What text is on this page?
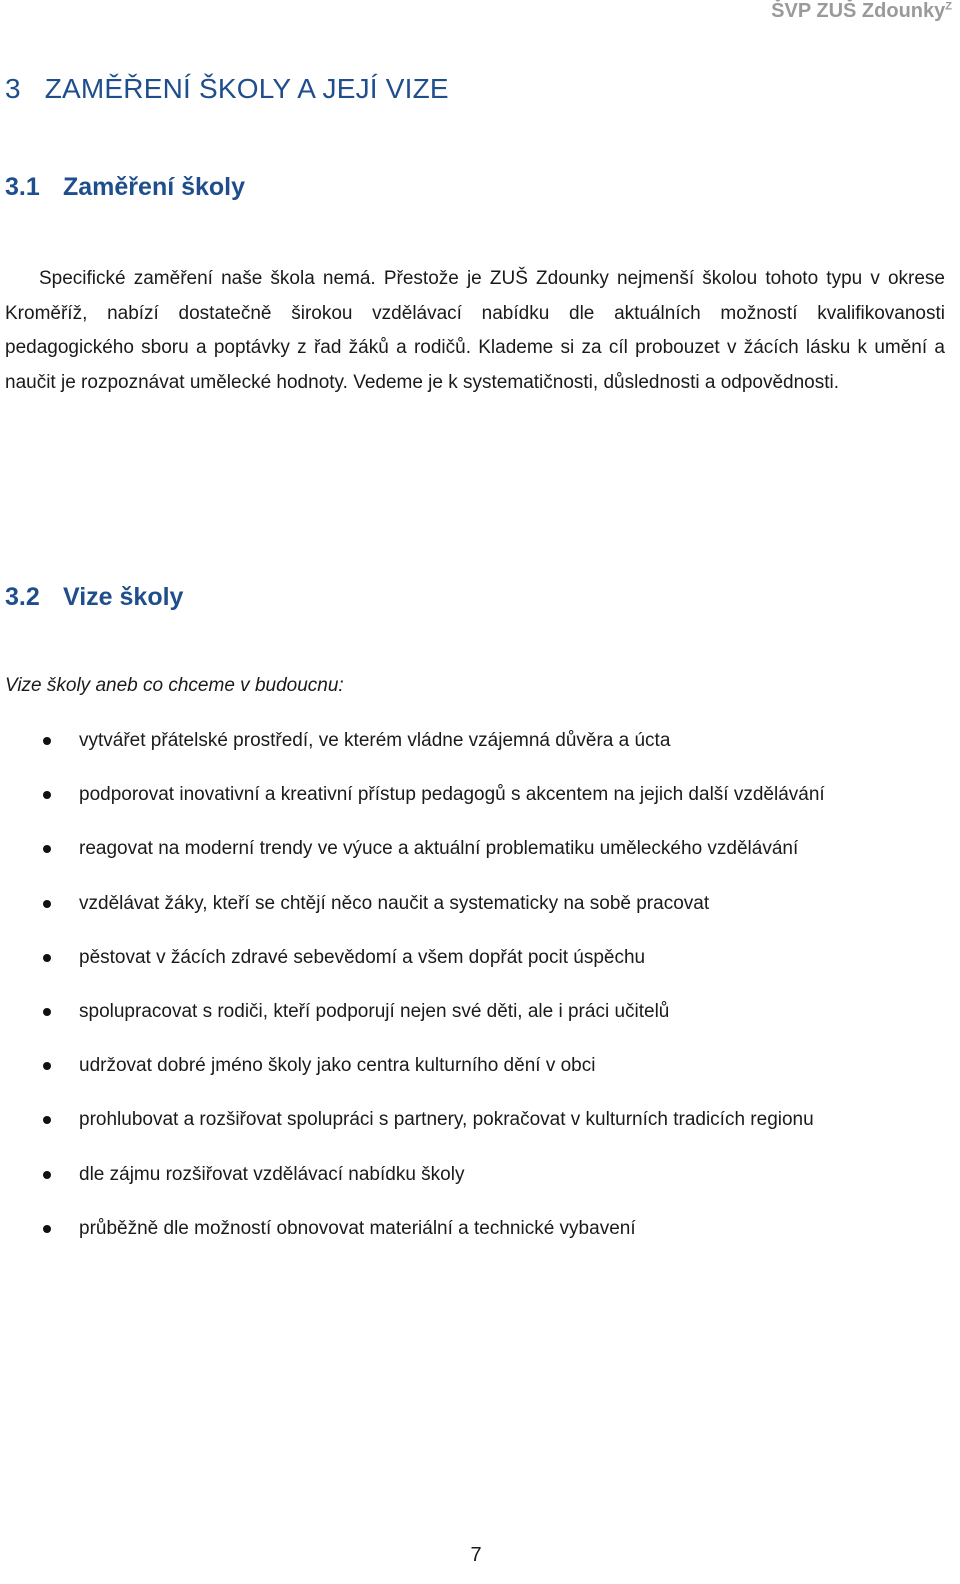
ŠVP ZUŠ Zdounky$^Z$
3   ZAMĚŘENÍ ŠKOLY A JEJÍ VIZE
3.1 Zaměření školy
Specifické zaměření naše škola nemá. Přestože je ZUŠ Zdounky nejmenší školou tohoto typu v okrese Kroměříž, nabízí dostatečně širokou vzdělávací nabídku dle aktuálních možností kvalifikovanosti pedagogického sboru a poptávky z řad žáků a rodičů. Klademe si za cíl probouzet v žácích lásku k umění a naučit je rozpoznávat umělecké hodnoty. Vedeme je k systematičnosti, důslednosti a odpovědnosti.
3.2 Vize školy
Vize školy aneb co chceme v budoucnu:
vytvářet přátelské prostředí, ve kterém vládne vzájemná důvěra a úcta
podporovat inovativní a kreativní přístup pedagogů s akcentem na jejich další vzdělávání
reagovat na moderní trendy ve výuce a aktuální problematiku uměleckého vzdělávání
vzdělávat žáky, kteří se chtějí něco naučit a systematicky na sobě pracovat
pěstovat v žácích zdravé sebevědomí a všem dopřát pocit úspěchu
spolupracovat s rodiči, kteří podporují nejen své děti, ale i práci učitelů
udržovat dobré jméno školy jako centra kulturního dění v obci
prohlubovat a rozšiřovat spolupráci s partnery, pokračovat v kulturních tradicích regionu
dle zájmu rozšiřovat vzdělávací nabídku školy
průběžně dle možností obnovovat materiální a technické vybavení
7
